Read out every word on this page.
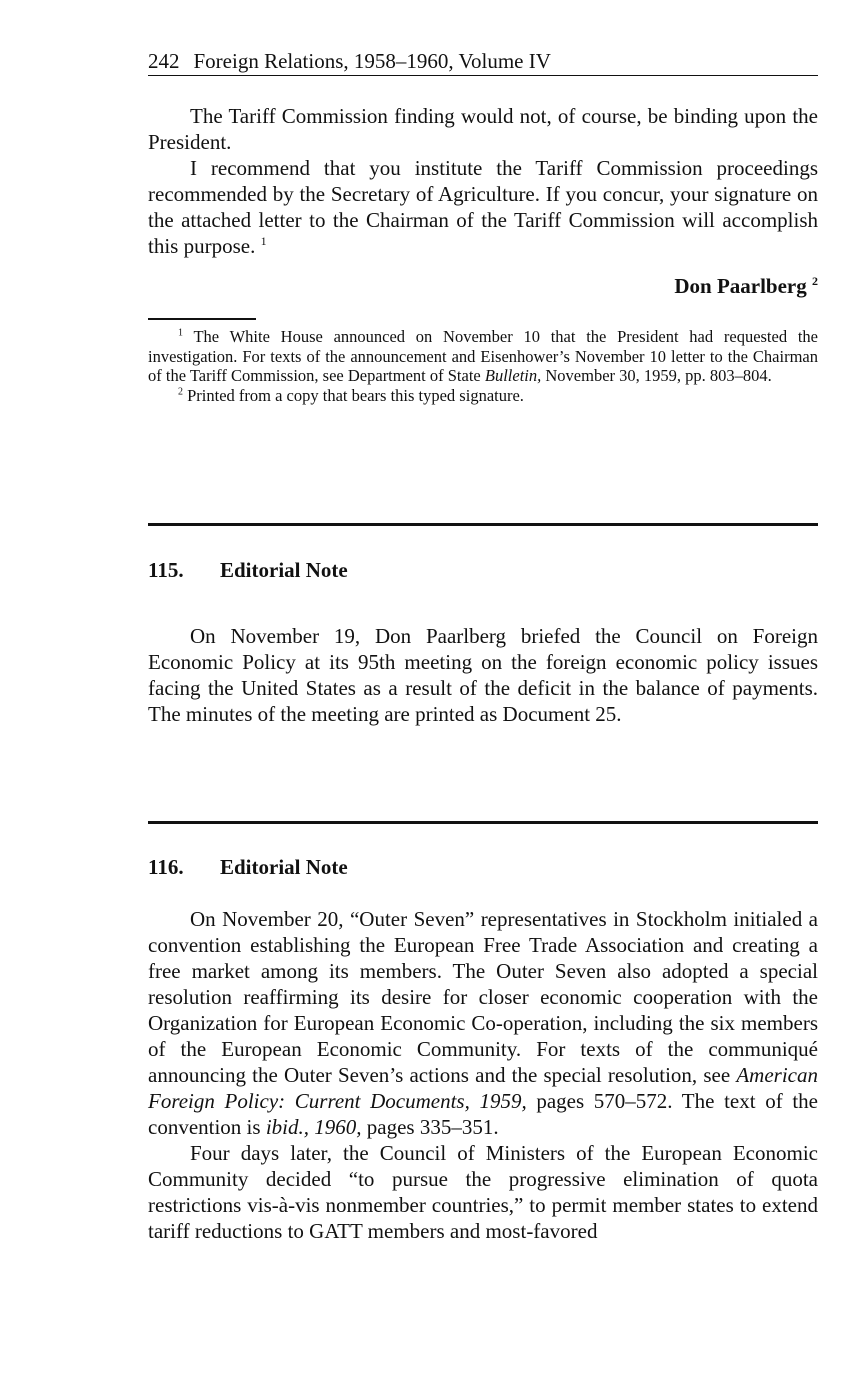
242 Foreign Relations, 1958–1960, Volume IV

The Tariff Commission finding would not, of course, be binding upon the President.

I recommend that you institute the Tariff Commission proceedings recommended by the Secretary of Agriculture. If you concur, your signature on the attached letter to the Chairman of the Tariff Commission will accomplish this purpose. $^1$

Don Paarlberg $^2$

$^1$ The White House announced on November 10 that the President had requested the investigation. For texts of the announcement and Eisenhower’s November 10 letter to the Chairman of the Tariff Commission, see Department of State Bulletin, November 30, 1959, pp. 803–804.

$^2$ Printed from a copy that bears this typed signature.

115. Editorial Note

On November 19, Don Paarlberg briefed the Council on Foreign Economic Policy at its 95th meeting on the foreign economic policy issues facing the United States as a result of the deficit in the balance of payments. The minutes of the meeting are printed as Document 25.

116. Editorial Note

On November 20, “Outer Seven” representatives in Stockholm initialed a convention establishing the European Free Trade Association and creating a free market among its members. The Outer Seven also adopted a special resolution reaffirming its desire for closer economic cooperation with the Organization for European Economic Co-operation, including the six members of the European Economic Community. For texts of the communiqué announcing the Outer Seven’s actions and the special resolution, see American Foreign Policy: Current Documents, 1959, pages 570–572. The text of the convention is ibid., 1960, pages 335–351.

Four days later, the Council of Ministers of the European Economic Community decided “to pursue the progressive elimination of quota restrictions vis-à-vis nonmember countries,” to permit member states to extend tariff reductions to GATT members and most-favored
